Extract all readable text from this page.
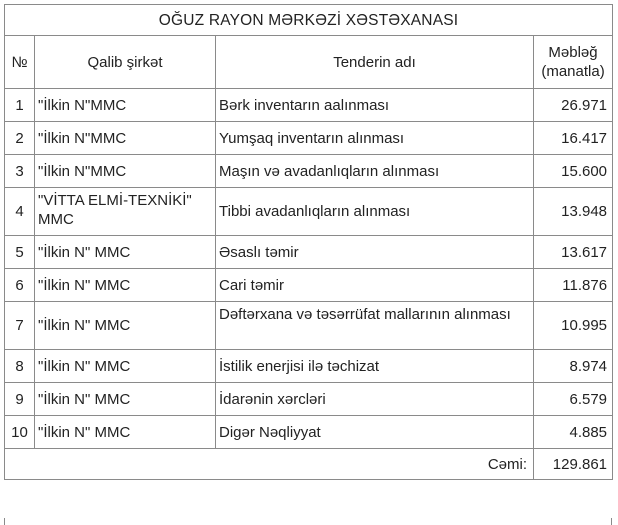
OĞUZ RAYON MƏRKƏZİ XƏSTƏXANASI			
№	Qalib şirkət	Tenderin adı	Məbləğ
(manatla)
1	"İlkin N"MMC	Bərk inventarın aalınması	26.971
2	"İlkin N"MMC	Yumşaq inventarın alınması	16.417
3	"İlkin N"MMC	Maşın və avadanlıqların alınması	15.600
4	"VİTTA ELMİ-TEXNİKİ" MMC	Tibbi avadanlıqların alınması	13.948
5	"İlkin N" MMC	Əsaslı təmir	13.617
6	"İlkin N" MMC	Cari təmir	11.876
7	"İlkin N" MMC	Dəftərxana və təsərrüfat mallarının alınması	10.995
8	"İlkin N" MMC	İstilik enerjisi ilə təchizat	8.974
9	"İlkin N" MMC	İdarənin xərcləri	6.579
10	"İlkin N" MMC	Digər Nəqliyyat	4.885
Cəmi:			129.861
